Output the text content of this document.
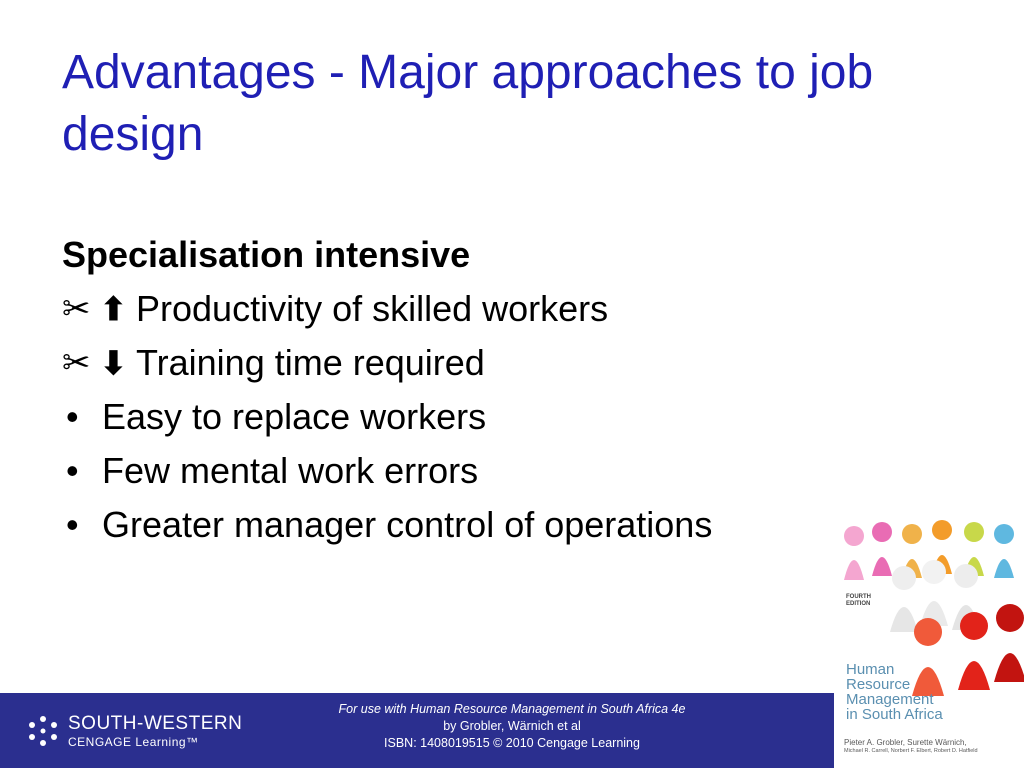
Advantages - Major approaches to job design
Specialisation intensive
✂ ⬆ Productivity of skilled workers
✂ ⬇ Training time required
• Easy to replace workers
• Few mental work errors
• Greater manager control of operations
SOUTH-WESTERN
CENGAGE Learning™
For use with Human Resource Management in South Africa 4e
by Grobler, Wärnich et al
ISBN: 1408019515 © 2010 Cengage Learning
FOURTH EDITION
Human
Resource
Management
in South Africa
Pieter A. Grobler, Surette Wärnich,
Michael R. Carrell, Norbert F. Elbert, Robert D. Hatfield
